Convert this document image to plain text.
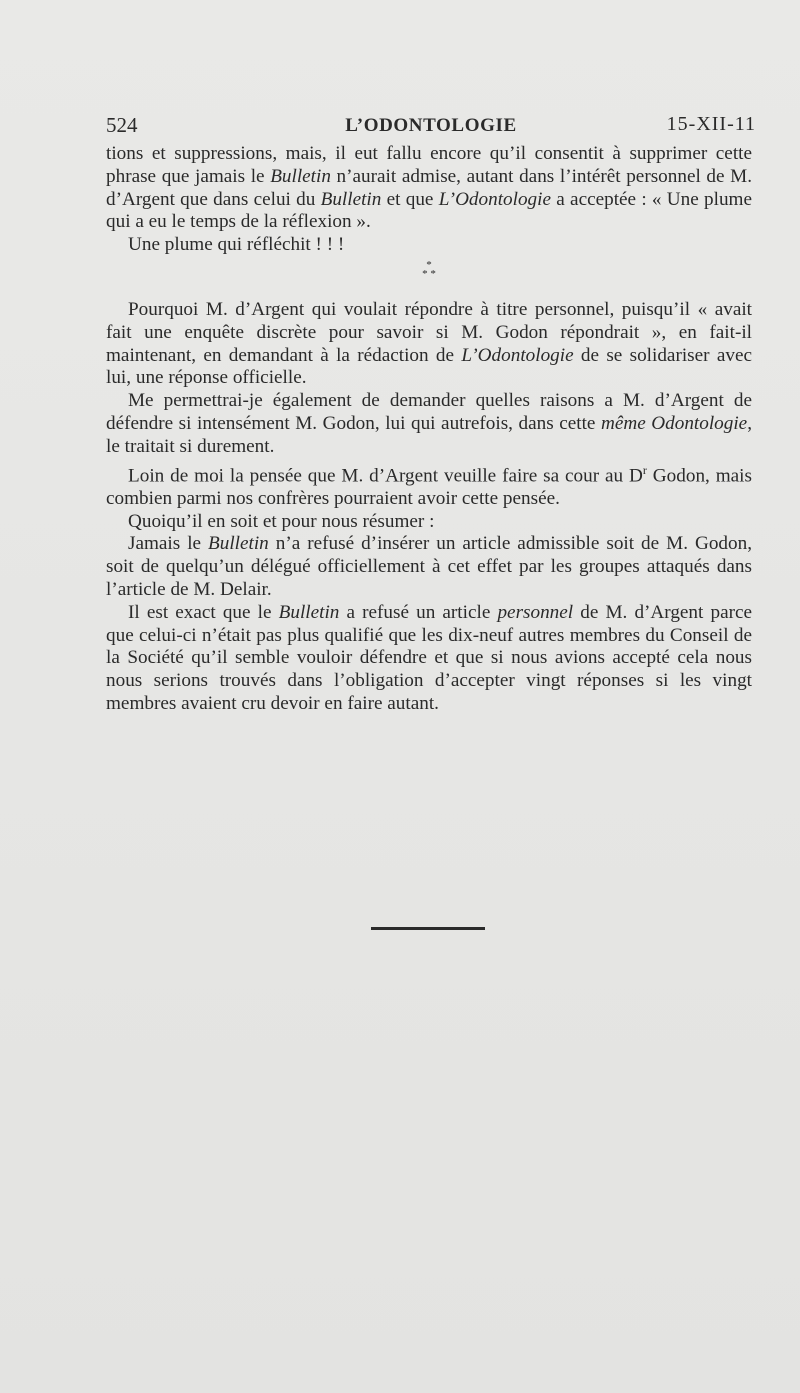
524	L’ODONTOLOGIE	15-XII-11

tions et suppressions, mais, il eut fallu encore qu’il consentit à supprimer cette phrase que jamais le Bulletin n’aurait admise, autant dans l’intérêt personnel de M. d’Argent que dans celui du Bulletin et que L’Odontologie a acceptée : « Une plume qui a eu le temps de la réflexion ».

Une plume qui réfléchit ! ! !

*
* *

Pourquoi M. d’Argent qui voulait répondre à titre personnel, puisqu’il « avait fait une enquête discrète pour savoir si M. Godon répondrait », en fait-il maintenant, en demandant à la rédaction de L’Odontologie de se solidariser avec lui, une réponse officielle.

Me permettrai-je également de demander quelles raisons a M. d’Argent de défendre si intensément M. Godon, lui qui autrefois, dans cette même Odontologie, le traitait si durement.

Loin de moi la pensée que M. d’Argent veuille faire sa cour au $D^r$ Godon, mais combien parmi nos confrères pourraient avoir cette pensée.

Quoiqu’il en soit et pour nous résumer :

Jamais le Bulletin n’a refusé d’insérer un article admissible soit de M. Godon, soit de quelqu’un délégué officiellement à cet effet par les groupes attaqués dans l’article de M. Delair.

Il est exact que le Bulletin a refusé un article personnel de M. d’Argent parce que celui-ci n’était pas plus qualifié que les dix-neuf autres membres du Conseil de la Société qu’il semble vouloir défendre et que si nous avions accepté cela nous nous serions trouvés dans l’obligation d’accepter vingt réponses si les vingt membres avaient cru devoir en faire autant.
